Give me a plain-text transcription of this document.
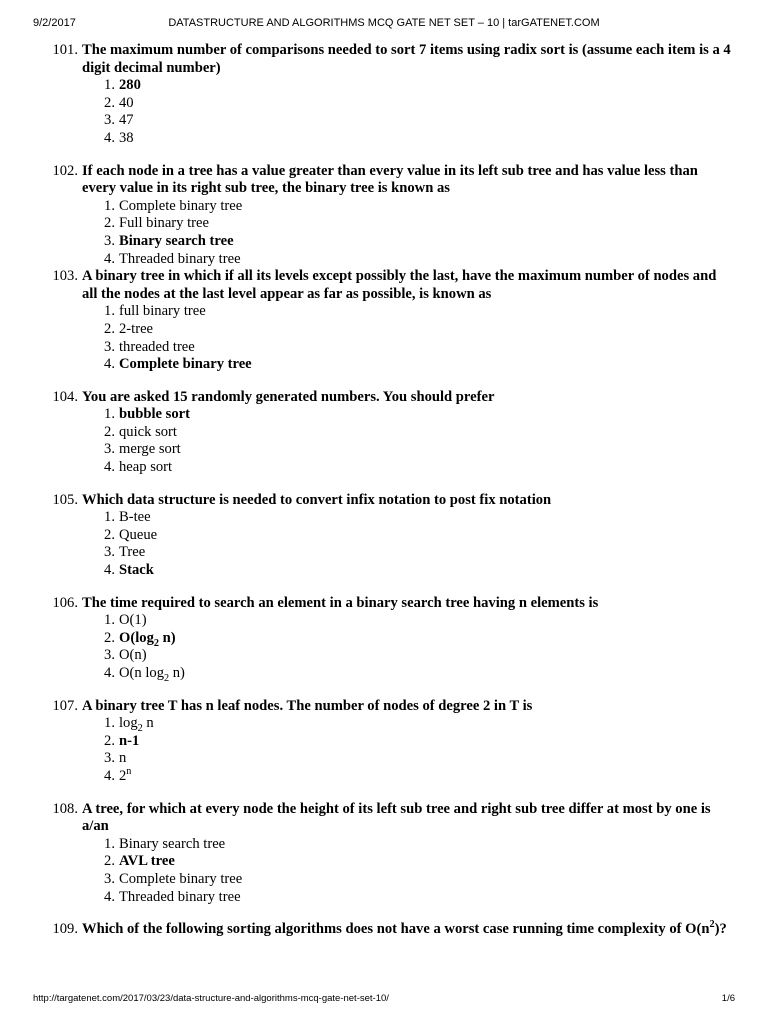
DATASTRUCTURE AND ALGORITHMS MCQ GATE NET SET – 10 | tarGATENET.COM
9/2/2017
101. The maximum number of comparisons needed to sort 7 items using radix sort is (assume each item is a 4 digit decimal number)
1. 280
2. 40
3. 47
4. 38
102. If each node in a tree has a value greater than every value in its left sub tree and has value less than every value in its right sub tree, the binary tree is known as
1. Complete binary tree
2. Full binary tree
3. Binary search tree
4. Threaded binary tree
103. A binary tree in which if all its levels except possibly the last, have the maximum number of nodes and all the nodes at the last level appear as far as possible, is known as
1. full binary tree
2. 2-tree
3. threaded tree
4. Complete binary tree
104. You are asked 15 randomly generated numbers. You should prefer
1. bubble sort
2. quick sort
3. merge sort
4. heap sort
105. Which data structure is needed to convert infix notation to post fix notation
1. B-tee
2. Queue
3. Tree
4. Stack
106. The time required to search an element in a binary search tree having n elements is
1. O(1)
2. $O(\log_2$ n)
3. O(n)
4. O(n $\log_2 n$)
107. A binary tree T has n leaf nodes. The number of nodes of degree 2 in T is
1. $\log_2 n$
2. n-1
3. n
4. 2$^n$
108. A tree, for which at every node the height of its left sub tree and right sub tree differ at most by one is a/an
1. Binary search tree
2. AVL tree
3. Complete binary tree
4. Threaded binary tree
109. Which of the following sorting algorithms does not have a worst case running time complexity of $O(n^2)$?
http://targatenet.com/2017/03/23/data-structure-and-algorithms-mcq-gate-net-set-10/	1/6
